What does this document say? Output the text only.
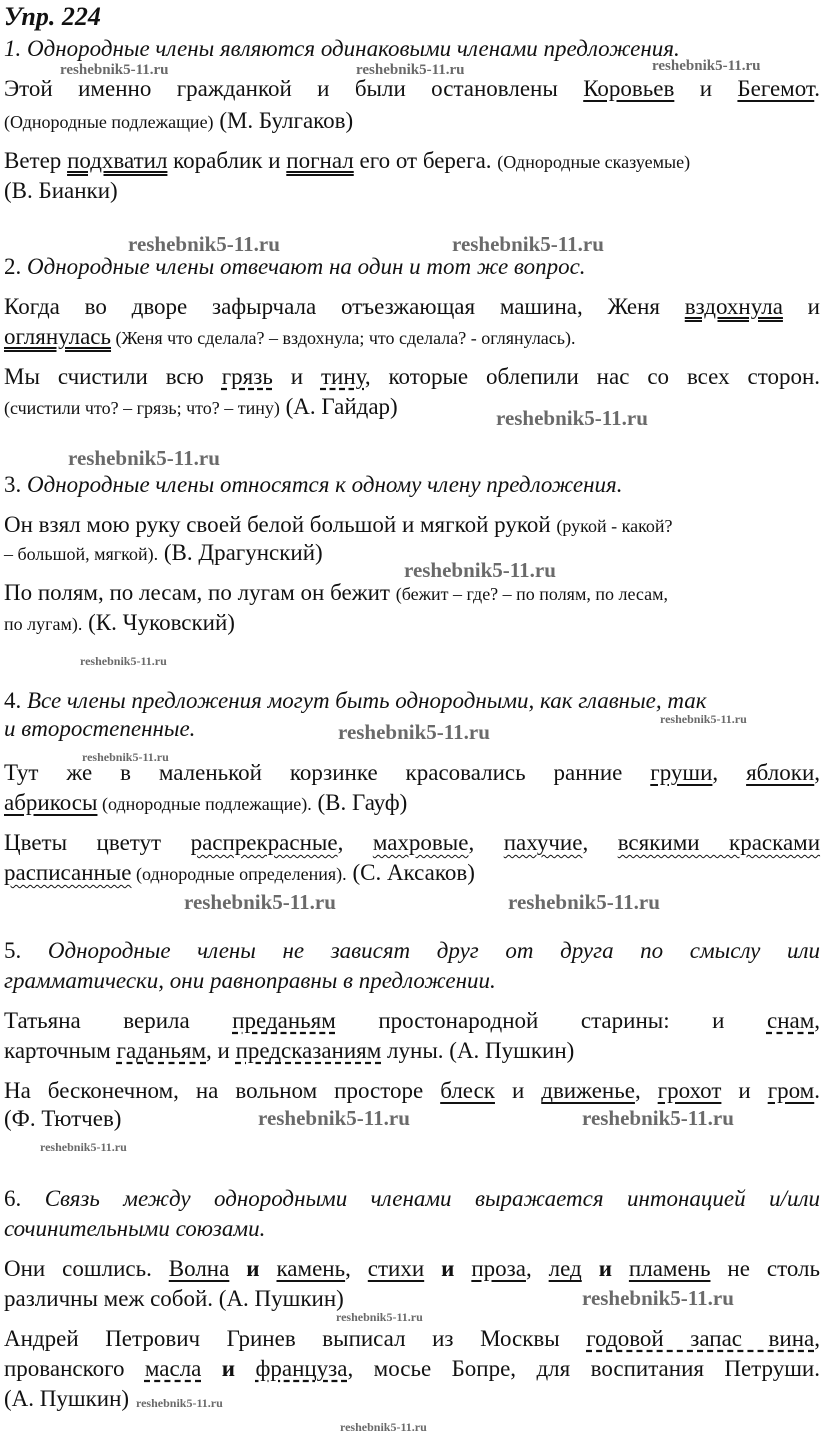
Упр. 224
1. Однородные члены являются одинаковыми членами предложения.
Этой именно гражданкой и были остановлены Коровьев и Бегемот.
(Однородные подлежащие) (М. Булгаков)
Ветер подхватил кораблик и погнал его от берега. (Однородные сказуемые)
(В. Бианки)
2. Однородные члены отвечают на один и тот же вопрос.
Когда во дворе зафырчала отъезжающая машина, Женя вздохнула и
оглянулась (Женя что сделала? – вздохнула; что сделала? - оглянулась).
Мы счистили всю грязь и тину, которые облепили нас со всех сторон.
(счистили что? – грязь; что? – тину) (А. Гайдар)
3. Однородные члены относятся к одному члену предложения.
Он взял мою руку своей белой большой и мягкой рукой (рукой - какой?
– большой, мягкой). (В. Драгунский)
По полям, по лесам, по лугам он бежит (бежит – где? – по полям, по лесам,
по лугам). (К. Чуковский)
4. Все члены предложения могут быть однородными, как главные, так
и второстепенные.
Тут же в маленькой корзинке красовались ранние груши, яблоки,
абрикосы (однородные подлежащие). (В. Гауф)
Цветы цветут распрекрасные, махровые, пахучие, всякими красками
расписанные (однородные определения). (С. Аксаков)
5. Однородные члены не зависят друг от друга по смыслу или
грамматически, они равноправны в предложении.
Татьяна верила преданьям простонародной старины: и снам,
карточным гаданьям, и предсказаниям луны. (А. Пушкин)
На бесконечном, на вольном просторе блеск и движенье, грохот и гром.
(Ф. Тютчев)
6. Связь между однородными членами выражается интонацией и/или
сочинительными союзами.
Они сошлись. Волна и камень, стихи и проза, лед и пламень не столь
различны меж собой. (А. Пушкин)
Андрей Петрович Гринев выписал из Москвы годовой запас вина,
прованского масла и француза, мосье Бопре, для воспитания Петруши.
(А. Пушкин)
reshebnik5-11.ru	reshebnik5-11.ru	reshebnik5-11.ru
reshebnik5-11.ru	reshebnik5-11.ru
reshebnik5-11.ru
reshebnik5-11.ru
reshebnik5-11.ru
reshebnik5-11.ru
reshebnik5-11.ru
reshebnik5-11.ru
reshebnik5-11.ru
reshebnik5-11.ru	reshebnik5-11.ru
reshebnik5-11.ru	reshebnik5-11.ru
reshebnik5-11.ru
reshebnik5-11.ru
reshebnik5-11.ru
reshebnik5-11.ru
reshebnik5-11.ru
